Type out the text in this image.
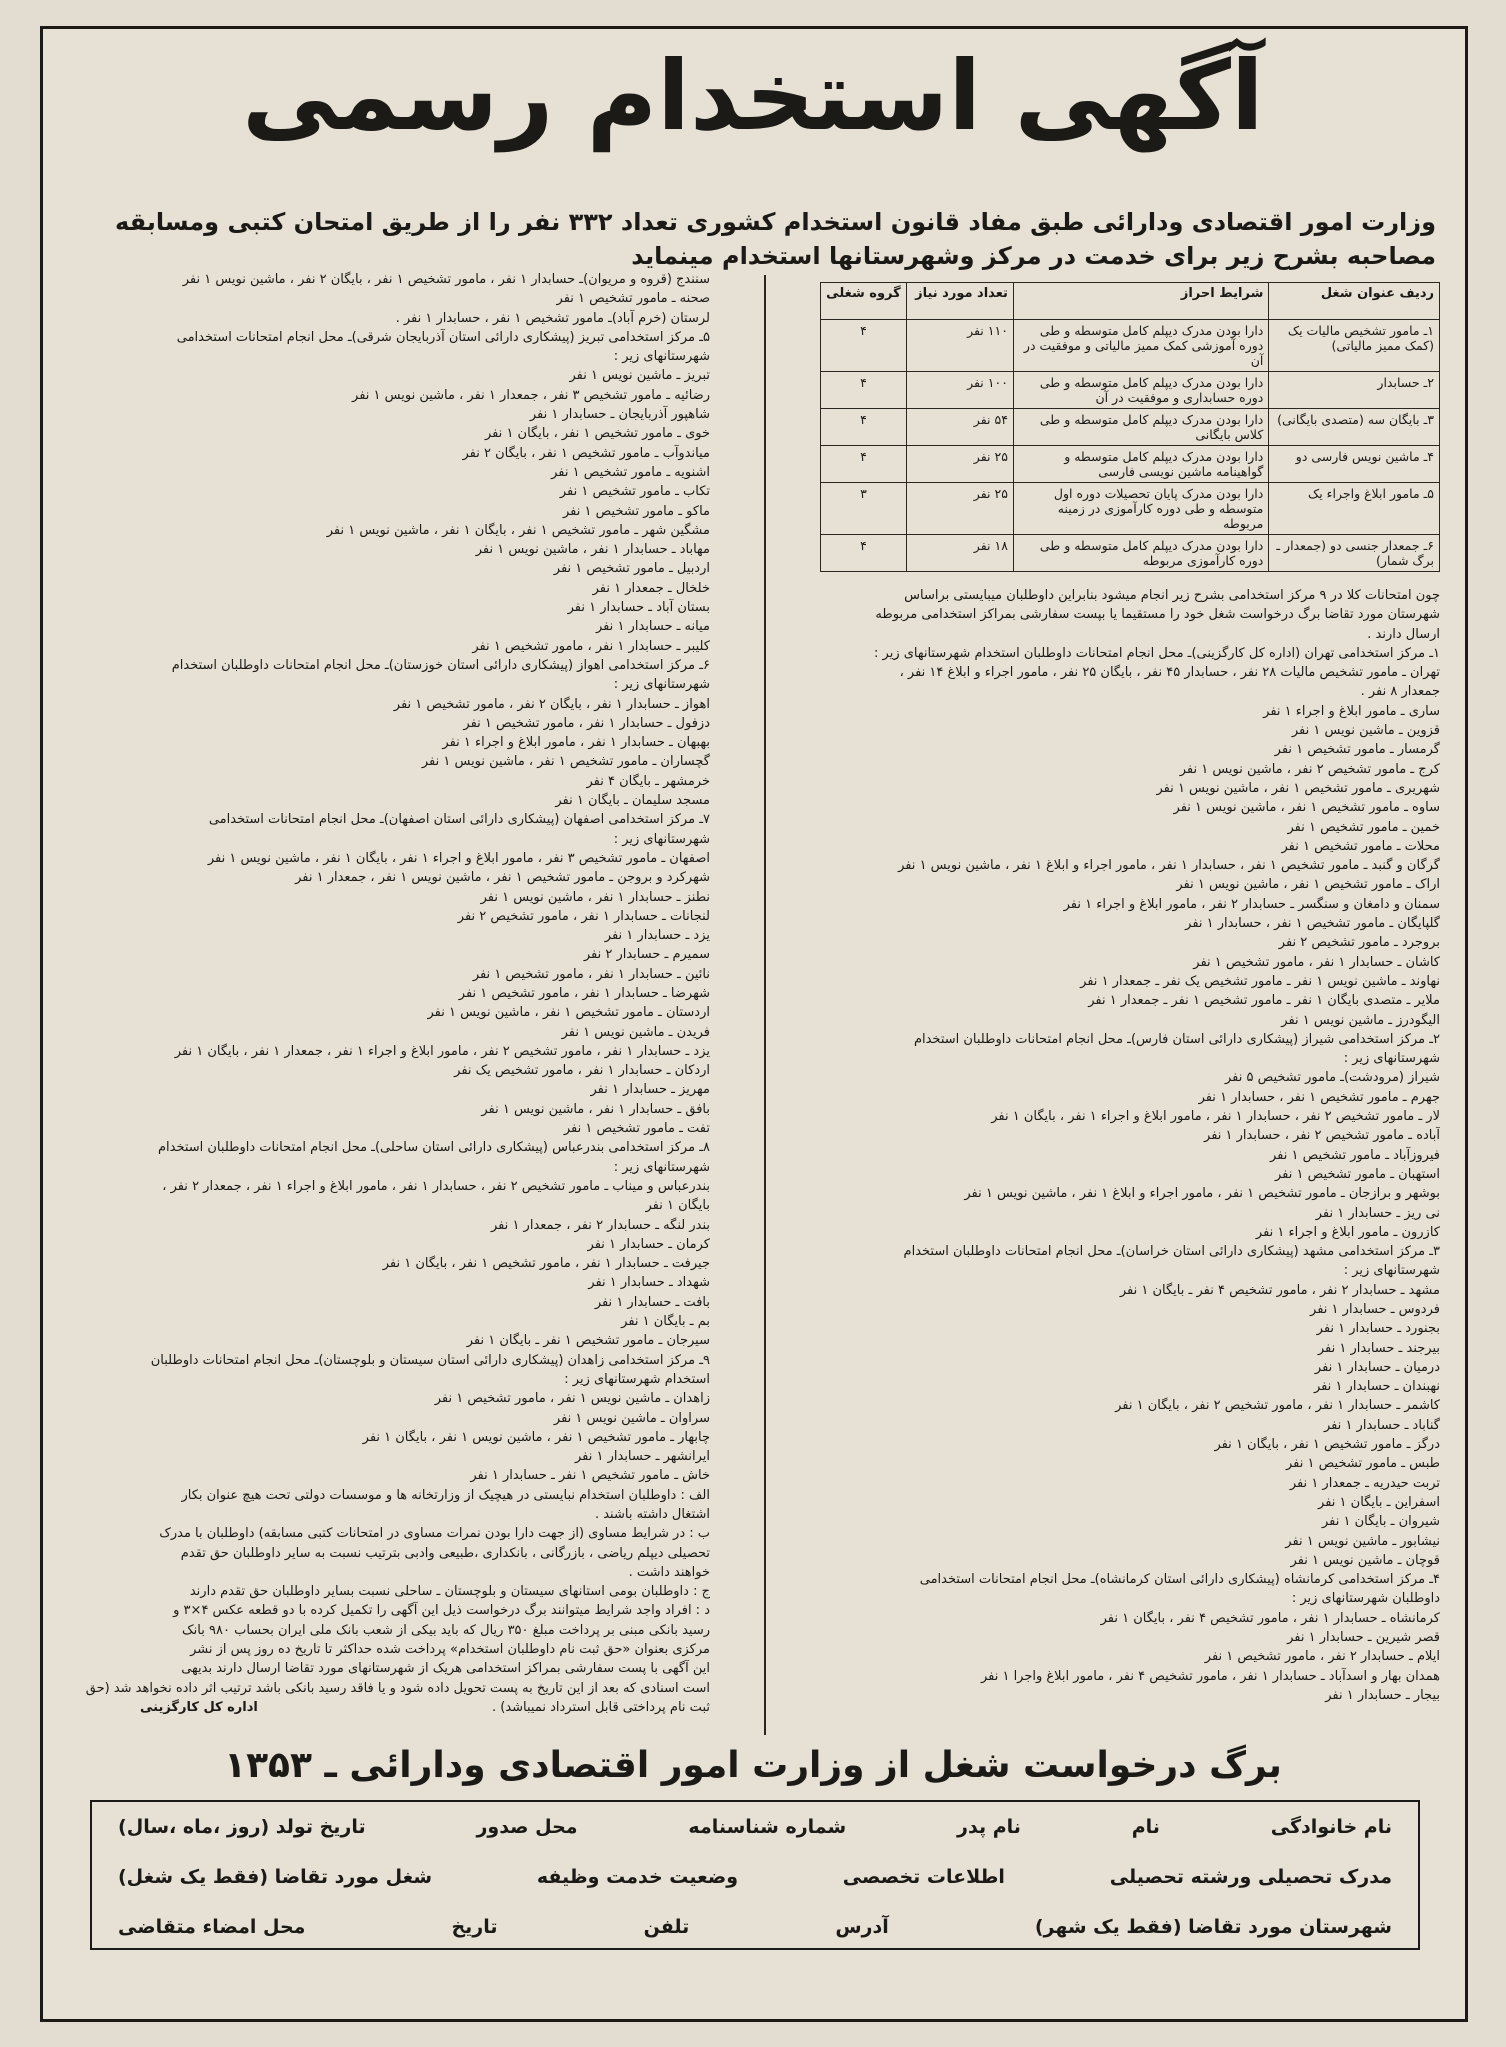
آگهی استخدام رسمی
وزارت امور اقتصادی ودارائی طبق مفاد قانون استخدام کشوری تعداد ۳۳۲ نفر را از طریق امتحان کتبی ومسابقه مصاحبه بشرح زیر برای خدمت در مرکز وشهرستانها استخدام مینماید
ردیف عنوان شغل	شرایط احراز	تعداد مورد نیاز	گروه شغلی
۱ـ مامور تشخیص مالیات یک (کمک ممیز مالیاتی)	دارا بودن مدرک دیپلم کامل متوسطه و طی دوره آموزشی کمک ممیز مالیاتی و موفقیت در آن	۱۱۰ نفر	۴
۲ـ حسابدار	دارا بودن مدرک دیپلم کامل متوسطه و طی دوره حسابداری و موفقیت در آن	۱۰۰ نفر	۴
۳ـ بایگان سه (متصدی بایگانی)	دارا بودن مدرک دیپلم کامل متوسطه و طی کلاس بایگانی	۵۴ نفر	۴
۴ـ ماشین نویس فارسی دو	دارا بودن مدرک دیپلم کامل متوسطه و گواهینامه ماشین نویسی فارسی	۲۵ نفر	۴
۵ـ مامور ابلاغ واجراء یک	دارا بودن مدرک پایان تحصیلات دوره اول متوسطه و طی دوره کارآموزی در زمینه مربوطه	۲۵ نفر	۳
۶ـ جمعدار جنسی دو (جمعدار ـ برگ شمار)	دارا بودن مدرک دیپلم کامل متوسطه و طی دوره کارآموزی مربوطه	۱۸ نفر	۴
چون امتحانات کلا در ۹ مرکز استخدامی بشرح زیر انجام میشود بنابراین داوطلبان میبایستی براساس
شهرستان مورد تقاضا برگ درخواست شغل خود را مستقیما یا بپست سفارشی بمراکز استخدامی مربوطه
ارسال دارند .
۱ـ مرکز استخدامی تهران (اداره کل کارگزینی)ـ محل انجام امتحانات داوطلبان استخدام شهرستانهای زیر :
تهران ـ مامور تشخیص مالیات ۲۸ نفر ، حسابدار ۴۵ نفر ، بایگان ۲۵ نفر ، مامور اجراء و ابلاغ ۱۴ نفر ،
جمعدار ۸ نفر .
ساری ـ مامور ابلاغ و اجراء ۱ نفر
قزوین ـ ماشین نویس ۱ نفر
گرمسار ـ مامور تشخیص ۱ نفر
کرج ـ مامور تشخیص ۲ نفر ، ماشین نویس ۱ نفر
شهریری ـ مامور تشخیص ۱ نفر ، ماشین نویس ۱ نفر
ساوه ـ مامور تشخیص ۱ نفر ، ماشین نویس ۱ نفر
خمین ـ مامور تشخیص ۱ نفر
محلات ـ مامور تشخیص ۱ نفر
گرگان و گنبد ـ مامور تشخیص ۱ نفر ، حسابدار ۱ نفر ، مامور اجراء و ابلاغ ۱ نفر ، ماشین نویس ۱ نفر
اراک ـ مامور تشخیص ۱ نفر ، ماشین نویس ۱ نفر
سمنان و دامغان و سنگسر ـ حسابدار ۲ نفر ، مامور ابلاغ و اجراء ۱ نفر
گلپایگان ـ مامور تشخیص ۱ نفر ، حسابدار ۱ نفر
بروجرد ـ مامور تشخیص ۲ نفر
کاشان ـ حسابدار ۱ نفر ، مامور تشخیص ۱ نفر
نهاوند ـ ماشین نویس ۱ نفر ـ مامور تشخیص یک نفر ـ جمعدار ۱ نفر
ملایر ـ متصدی بایگان ۱ نفر ـ مامور تشخیص ۱ نفر ـ جمعدار ۱ نفر
الیگودرز ـ ماشین نویس ۱ نفر
۲ـ مرکز استخدامی شیراز (پیشکاری دارائی استان فارس)ـ محل انجام امتحانات داوطلبان استخدام
شهرستانهای زیر :
شیراز (مرودشت)ـ مامور تشخیص ۵ نفر
جهرم ـ مامور تشخیص ۱ نفر ، حسابدار ۱ نفر
لار ـ مامور تشخیص ۲ نفر ، حسابدار ۱ نفر ، مامور ابلاغ و اجراء ۱ نفر ، بایگان ۱ نفر
آباده ـ مامور تشخیص ۲ نفر ، حسابدار ۱ نفر
فیروزآباد ـ مامور تشخیص ۱ نفر
استهبان ـ مامور تشخیص ۱ نفر
بوشهر و برازجان ـ مامور تشخیص ۱ نفر ، مامور اجراء و ابلاغ ۱ نفر ، ماشین نویس ۱ نفر
نی ریز ـ حسابدار ۱ نفر
کازرون ـ مامور ابلاغ و اجراء ۱ نفر
۳ـ مرکز استخدامی مشهد (پیشکاری دارائی استان خراسان)ـ محل انجام امتحانات داوطلبان استخدام
شهرستانهای زیر :
مشهد ـ حسابدار ۲ نفر ، مامور تشخیص ۴ نفر ـ بایگان ۱ نفر
فردوس ـ حسابدار ۱ نفر
بجنورد ـ حسابدار ۱ نفر
بیرجند ـ حسابدار ۱ نفر
درمیان ـ حسابدار ۱ نفر
نهبندان ـ حسابدار ۱ نفر
کاشمر ـ حسابدار ۱ نفر ، مامور تشخیص ۲ نفر ، بایگان ۱ نفر
گناباد ـ حسابدار ۱ نفر
درگز ـ مامور تشخیص ۱ نفر ، بایگان ۱ نفر
طبس ـ مامور تشخیص ۱ نفر
تربت حیدریه ـ جمعدار ۱ نفر
اسفراین ـ بایگان ۱ نفر
شیروان ـ بایگان ۱ نفر
نیشابور ـ ماشین نویس ۱ نفر
قوچان ـ ماشین نویس ۱ نفر
۴ـ مرکز استخدامی کرمانشاه (پیشکاری دارائی استان کرمانشاه)ـ محل انجام امتحانات استخدامی
داوطلبان شهرستانهای زیر :
کرمانشاه ـ حسابدار ۱ نفر ، مامور تشخیص ۴ نفر ، بایگان ۱ نفر
قصر شیرین ـ حسابدار ۱ نفر
ایلام ـ حسابدار ۲ نفر ، مامور تشخیص ۱ نفر
همدان بهار و اسدآباد ـ حسابدار ۱ نفر ، مامور تشخیص ۴ نفر ، مامور ابلاغ واجرا ۱ نفر
بیجار ـ حسابدار ۱ نفر
سنندج (قروه و مریوان)ـ حسابدار ۱ نفر ، مامور تشخیص ۱ نفر ، بایگان ۲ نفر ، ماشین نویس ۱ نفر
صحنه ـ مامور تشخیص ۱ نفر
لرستان (خرم آباد)ـ مامور تشخیص ۱ نفر ، حسابدار ۱ نفر .
۵ـ مرکز استخدامی تبریز (پیشکاری دارائی استان آذربایجان شرقی)ـ محل انجام امتحانات استخدامی
شهرستانهای زیر :
تبریز ـ ماشین نویس ۱ نفر
رضائیه ـ مامور تشخیص ۳ نفر ، جمعدار ۱ نفر ، ماشین نویس ۱ نفر
شاهپور آذربایجان ـ حسابدار ۱ نفر
خوی ـ مامور تشخیص ۱ نفر ، بایگان ۱ نفر
میاندوآب ـ مامور تشخیص ۱ نفر ، بایگان ۲ نفر
اشنویه ـ مامور تشخیص ۱ نفر
تکاب ـ مامور تشخیص ۱ نفر
ماکو ـ مامور تشخیص ۱ نفر
مشگین شهر ـ مامور تشخیص ۱ نفر ، بایگان ۱ نفر ، ماشین نویس ۱ نفر
مهاباد ـ حسابدار ۱ نفر ، ماشین نویس ۱ نفر
اردبیل ـ مامور تشخیص ۱ نفر
خلخال ـ جمعدار ۱ نفر
بستان آباد ـ حسابدار ۱ نفر
میانه ـ حسابدار ۱ نفر
کلیبر ـ حسابدار ۱ نفر ، مامور تشخیص ۱ نفر
۶ـ مرکز استخدامی اهواز (پیشکاری دارائی استان خوزستان)ـ محل انجام امتحانات داوطلبان استخدام
شهرستانهای زیر :
اهواز ـ حسابدار ۱ نفر ، بایگان ۲ نفر ، مامور تشخیص ۱ نفر
دزفول ـ حسابدار ۱ نفر ، مامور تشخیص ۱ نفر
بهبهان ـ حسابدار ۱ نفر ، مامور ابلاغ و اجراء ۱ نفر
گچساران ـ مامور تشخیص ۱ نفر ، ماشین نویس ۱ نفر
خرمشهر ـ بایگان ۴ نفر
مسجد سلیمان ـ بایگان ۱ نفر
۷ـ مرکز استخدامی اصفهان (پیشکاری دارائی استان اصفهان)ـ محل انجام امتحانات استخدامی
شهرستانهای زیر :
اصفهان ـ مامور تشخیص ۳ نفر ، مامور ابلاغ و اجراء ۱ نفر ، بایگان ۱ نفر ، ماشین نویس ۱ نفر
شهرکرد و بروجن ـ مامور تشخیص ۱ نفر ، ماشین نویس ۱ نفر ، جمعدار ۱ نفر
نطنز ـ حسابدار ۱ نفر ، ماشین نویس ۱ نفر
لنجانات ـ حسابدار ۱ نفر ، مامور تشخیص ۲ نفر
یزد ـ حسابدار ۱ نفر
سمیرم ـ حسابدار ۲ نفر
نائین ـ حسابدار ۱ نفر ، مامور تشخیص ۱ نفر
شهرضا ـ حسابدار ۱ نفر ، مامور تشخیص ۱ نفر
اردستان ـ مامور تشخیص ۱ نفر ، ماشین نویس ۱ نفر
فریدن ـ ماشین نویس ۱ نفر
یزد ـ حسابدار ۱ نفر ، مامور تشخیص ۲ نفر ، مامور ابلاغ و اجراء ۱ نفر ، جمعدار ۱ نفر ، بایگان ۱ نفر
اردکان ـ حسابدار ۱ نفر ، مامور تشخیص یک نفر
مهریز ـ حسابدار ۱ نفر
بافق ـ حسابدار ۱ نفر ، ماشین نویس ۱ نفر
تفت ـ مامور تشخیص ۱ نفر
۸ـ مرکز استخدامی بندرعباس (پیشکاری دارائی استان ساحلی)ـ محل انجام امتحانات داوطلبان استخدام
شهرستانهای زیر :
بندرعباس و میناب ـ مامور تشخیص ۲ نفر ، حسابدار ۱ نفر ، مامور ابلاغ و اجراء ۱ نفر ، جمعدار ۲ نفر ،
بایگان ۱ نفر
بندر لنگه ـ حسابدار ۲ نفر ، جمعدار ۱ نفر
کرمان ـ حسابدار ۱ نفر
جیرفت ـ حسابدار ۱ نفر ، مامور تشخیص ۱ نفر ، بایگان ۱ نفر
شهداد ـ حسابدار ۱ نفر
بافت ـ حسابدار ۱ نفر
بم ـ بایگان ۱ نفر
سیرجان ـ مامور تشخیص ۱ نفر ـ بایگان ۱ نفر
۹ـ مرکز استخدامی زاهدان (پیشکاری دارائی استان سیستان و بلوچستان)ـ محل انجام امتحانات داوطلبان
استخدام شهرستانهای زیر :
زاهدان ـ ماشین نویس ۱ نفر ، مامور تشخیص ۱ نفر
سراوان ـ ماشین نویس ۱ نفر
چابهار ـ مامور تشخیص ۱ نفر ، ماشین نویس ۱ نفر ، بایگان ۱ نفر
ایرانشهر ـ حسابدار ۱ نفر
خاش ـ مامور تشخیص ۱ نفر ـ حسابدار ۱ نفر
الف : داوطلبان استخدام نبایستی در هیچیک از وزارتخانه ها و موسسات دولتی تحت هیچ عنوان بکار
اشتغال داشته باشند .
ب : در شرایط مساوی (از جهت دارا بودن نمرات مساوی در امتحانات کتبی مسابقه) داوطلبان با مدرک
تحصیلی دیپلم ریاضی ، بازرگانی ، بانکداری ،طبیعی وادبی بترتیب نسبت به سایر داوطلبان حق تقدم
خواهند داشت .
ج : داوطلبان بومی استانهای سیستان و بلوچستان ـ ساحلی نسبت بسایر داوطلبان حق تقدم دارند
د : افراد واجد شرایط میتوانند برگ درخواست ذیل این آگهی را تکمیل کرده با دو قطعه عکس ۴×۳ و
رسید بانکی مبنی بر پرداخت مبلغ ۳۵۰ ریال که باید بیکی از شعب بانک ملی ایران بحساب ۹۸۰ بانک
مرکزی بعنوان «حق ثبت نام داوطلبان استخدام» پرداخت شده حداکثر تا تاریخ ده روز پس از نشر
این آگهی با پست سفارشی بمراکز استخدامی هریک از شهرستانهای مورد تقاضا ارسال دارند بدیهی
است اسنادی که بعد از این تاریخ به پست تحویل داده شود و یا فاقد رسید بانکی باشد ترتیب اثر داده نخواهد شد (حق
ثبت نام پرداختی قابل استرداد نمیباشد) .
اداره کل کارگزینی
برگ درخواست شغل از وزارت امور اقتصادی ودارائی ـ ۱۳۵۳
نام خانوادگی
نام
نام پدر
شماره شناسنامه
محل صدور
تاریخ تولد (روز ،ماه ،سال)
مدرک تحصیلی ورشته تحصیلی
اطلاعات تخصصی
وضعیت خدمت وظیفه
شغل مورد تقاضا (فقط یک شغل)
شهرستان مورد تقاضا (فقط یک شهر)
آدرس
تلفن
تاریخ
محل امضاء متقاضی
